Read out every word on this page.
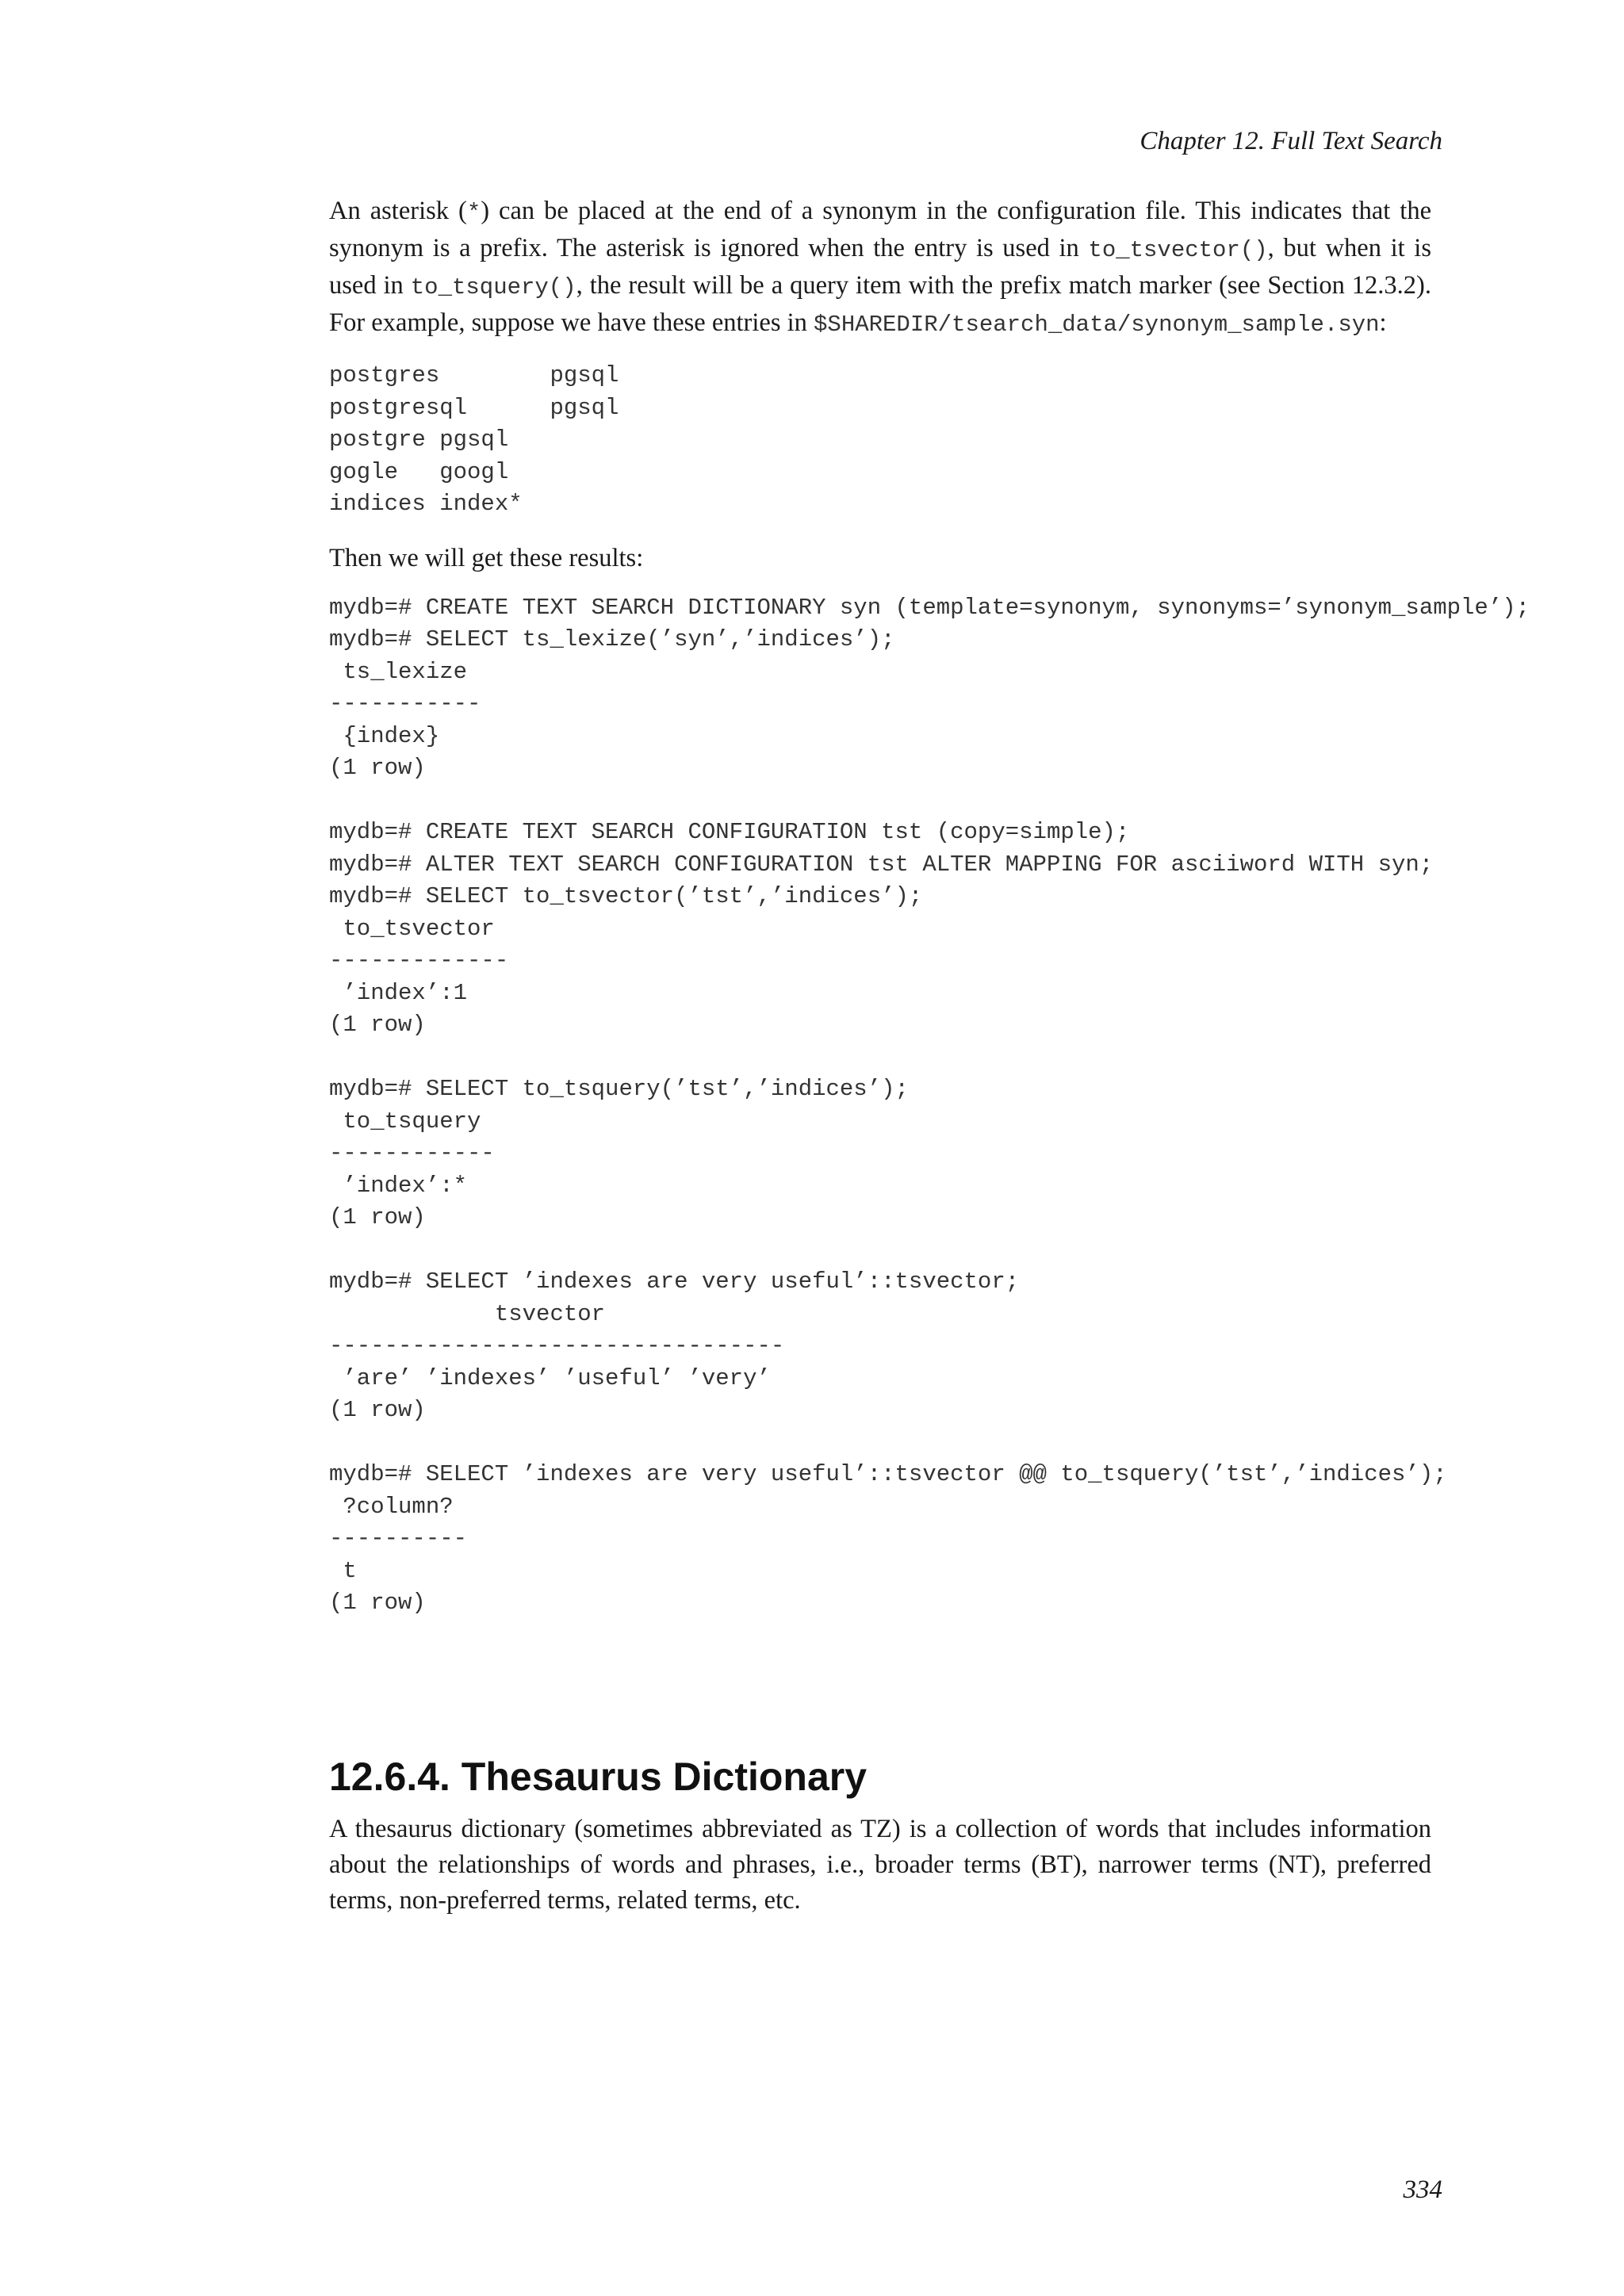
Chapter 12. Full Text Search

An asterisk (*) can be placed at the end of a synonym in the configuration file. This indicates that the synonym is a prefix. The asterisk is ignored when the entry is used in to_tsvector(), but when it is used in to_tsquery(), the result will be a query item with the prefix match marker (see Section 12.3.2). For example, suppose we have these entries in $SHAREDIR/tsearch_data/synonym_sample.syn:

postgres        pgsql
postgresql      pgsql
postgre pgsql
gogle   googl
indices index*

Then we will get these results:

mydb=# CREATE TEXT SEARCH DICTIONARY syn (template=synonym, synonyms=’synonym_sample’);
mydb=# SELECT ts_lexize(’syn’,’indices’);
ts_lexize
-----------
{index}
(1 row)

mydb=# CREATE TEXT SEARCH CONFIGURATION tst (copy=simple);
mydb=# ALTER TEXT SEARCH CONFIGURATION tst ALTER MAPPING FOR asciiword WITH syn;
mydb=# SELECT to_tsvector(’tst’,’indices’);
to_tsvector
-------------
’index’:1
(1 row)

mydb=# SELECT to_tsquery(’tst’,’indices’);
to_tsquery
------------
’index’:*
(1 row)

mydb=# SELECT ’indexes are very useful’::tsvector;
tsvector
---------------------------------
’are’ ’indexes’ ’useful’ ’very’
(1 row)

mydb=# SELECT ’indexes are very useful’::tsvector @@ to_tsquery(’tst’,’indices’);
?column?
----------
t
(1 row)
12.6.4. Thesaurus Dictionary

A thesaurus dictionary (sometimes abbreviated as TZ) is a collection of words that includes information about the relationships of words and phrases, i.e., broader terms (BT), narrower terms (NT), preferred terms, non-preferred terms, related terms, etc.

334
